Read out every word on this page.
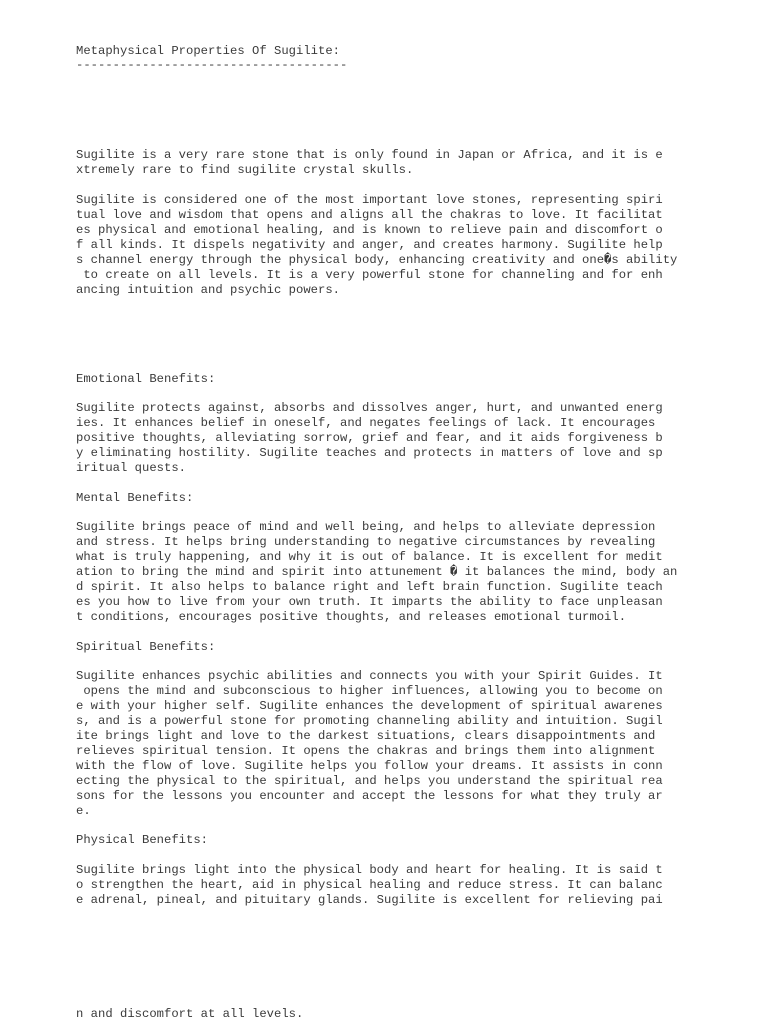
Metaphysical Properties Of Sugilite:

-------------------------------------

Sugilite is a very rare stone that is only found in Japan or Africa, and it is e

xtremely rare to find sugilite crystal skulls.

Sugilite is considered one of the most important love stones, representing spiri

tual love and wisdom that opens and aligns all the chakras to love. It facilitat

es physical and emotional healing, and is known to relieve pain and discomfort o

f all kinds. It dispels negativity and anger, and creates harmony. Sugilite help

s channel energy through the physical body, enhancing creativity and one�s ability

to create on all levels. It is a very powerful stone for channeling and for enh

ancing intuition and psychic powers.

Emotional Benefits:

Sugilite protects against, absorbs and dissolves anger, hurt, and unwanted energ

ies. It enhances belief in oneself, and negates feelings of lack. It encourages

positive thoughts, alleviating sorrow, grief and fear, and it aids forgiveness b

y eliminating hostility. Sugilite teaches and protects in matters of love and sp

iritual quests.

Mental Benefits:

Sugilite brings peace of mind and well being, and helps to alleviate depression

and stress. It helps bring understanding to negative circumstances by revealing

what is truly happening, and why it is out of balance. It is excellent for medit

ation to bring the mind and spirit into attunement � it balances the mind, body an

d spirit. It also helps to balance right and left brain function. Sugilite teach

es you how to live from your own truth. It imparts the ability to face unpleasan

t conditions, encourages positive thoughts, and releases emotional turmoil.

Spiritual Benefits:

Sugilite enhances psychic abilities and connects you with your Spirit Guides. It

opens the mind and subconscious to higher influences, allowing you to become on

e with your higher self. Sugilite enhances the development of spiritual awarenes

s, and is a powerful stone for promoting channeling ability and intuition. Sugil

ite brings light and love to the darkest situations, clears disappointments and

relieves spiritual tension. It opens the chakras and brings them into alignment

with the flow of love. Sugilite helps you follow your dreams. It assists in conn

ecting the physical to the spiritual, and helps you understand the spiritual rea

sons for the lessons you encounter and accept the lessons for what they truly ar

e.

Physical Benefits:

Sugilite brings light into the physical body and heart for healing. It is said t

o strengthen the heart, aid in physical healing and reduce stress. It can balanc

e adrenal, pineal, and pituitary glands. Sugilite is excellent for relieving pai

n and discomfort at all levels.
